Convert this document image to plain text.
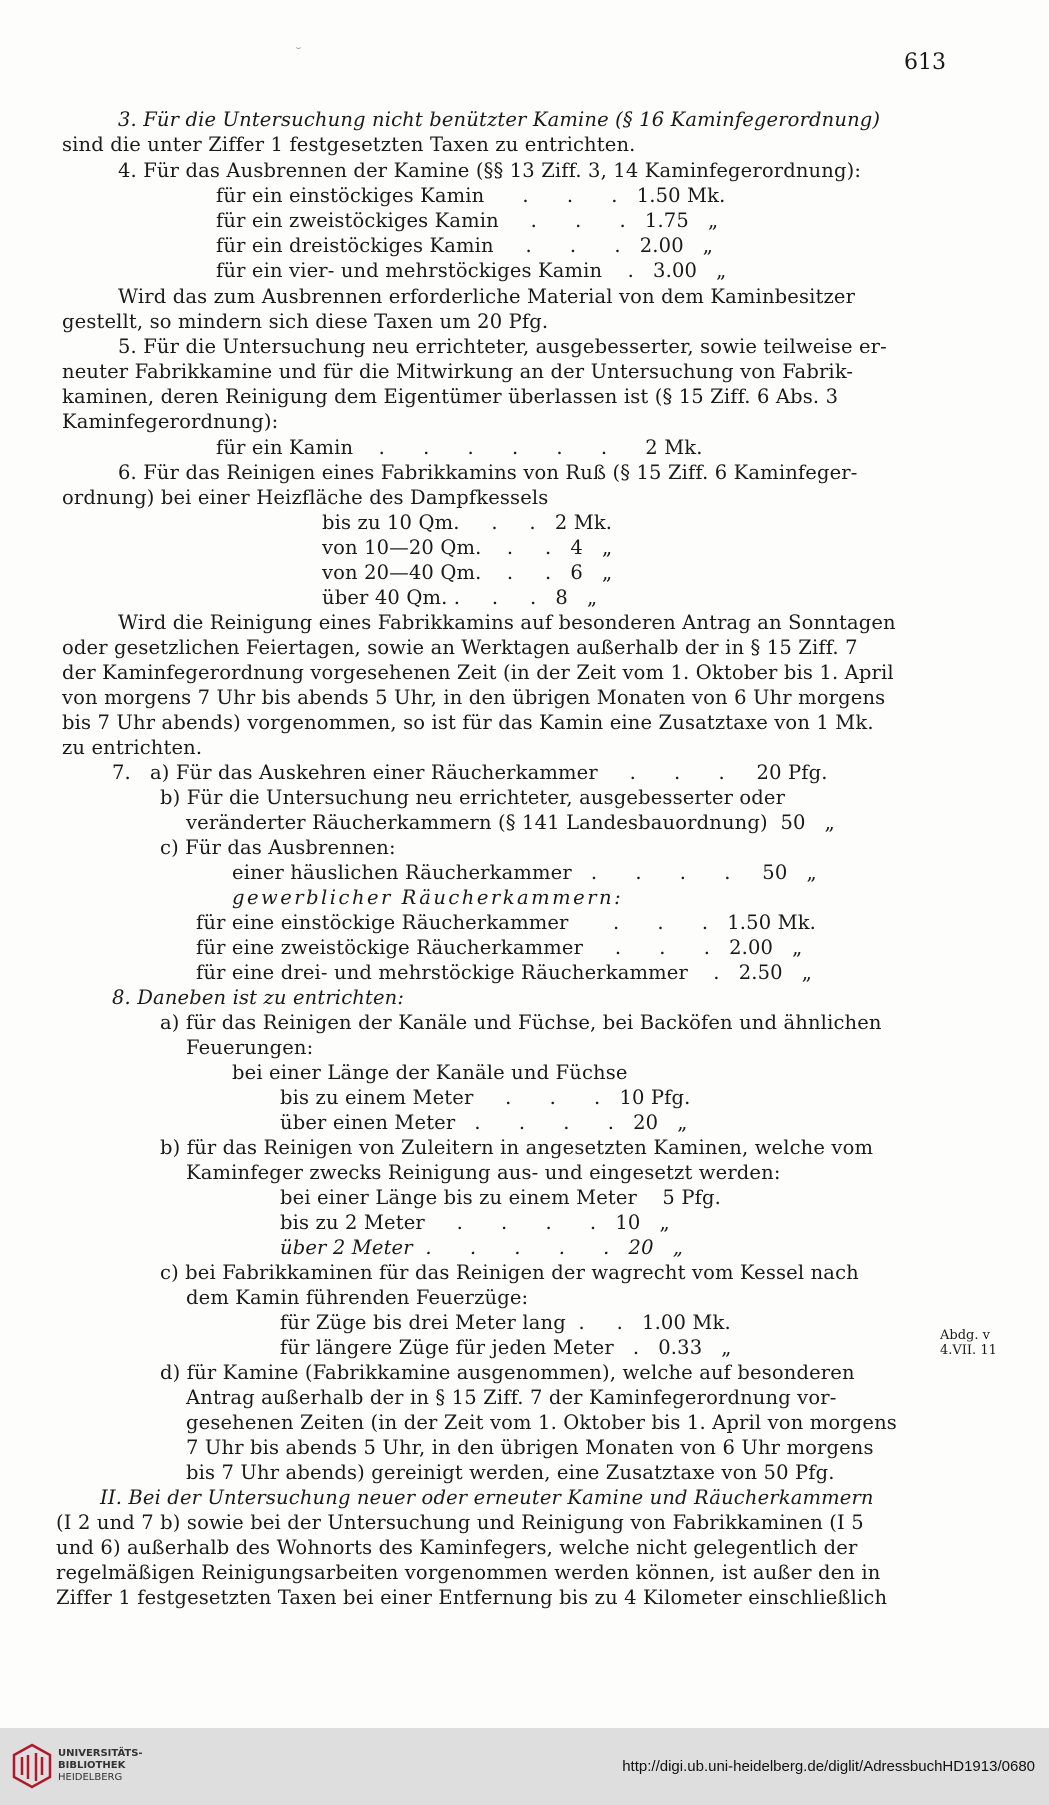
˘	613
3. Für die Untersuchung nicht benützter Kamine (§ 16 Kaminfegerordnung)
sind die unter Ziffer 1 festgesetzten Taxen zu entrichten.
4. Für das Ausbrennen der Kamine (§§ 13 Ziff. 3, 14 Kaminfegerordnung):
für ein einstöckiges Kamin      .      .      .   1.50 Mk.
für ein zweistöckiges Kamin     .      .      .   1.75   „
für ein dreistöckiges Kamin     .      .      .   2.00   „
für ein vier- und mehrstöckiges Kamin    .   3.00   „
Wird das zum Ausbrennen erforderliche Material von dem Kaminbesitzer
gestellt, so mindern sich diese Taxen um 20 Pfg.
5. Für die Untersuchung neu errichteter, ausgebesserter, sowie teilweise er-
neuter Fabrikkamine und für die Mitwirkung an der Untersuchung von Fabrik-
kaminen, deren Reinigung dem Eigentümer überlassen ist (§ 15 Ziff. 6 Abs. 3
Kaminfegerordnung):
für ein Kamin    .      .      .      .      .      .      2 Mk.
6. Für das Reinigen eines Fabrikkamins von Ruß (§ 15 Ziff. 6 Kaminfeger-
ordnung) bei einer Heizfläche des Dampfkessels
bis zu 10 Qm.     .     .   2 Mk.
von 10—20 Qm.    .     .   4   „
von 20—40 Qm.    .     .   6   „
über 40 Qm. .     .     .   8   „
Wird die Reinigung eines Fabrikkamins auf besonderen Antrag an Sonntagen
oder gesetzlichen Feiertagen, sowie an Werktagen außerhalb der in § 15 Ziff. 7
der Kaminfegerordnung vorgesehenen Zeit (in der Zeit vom 1. Oktober bis 1. April
von morgens 7 Uhr bis abends 5 Uhr, in den übrigen Monaten von 6 Uhr morgens
bis 7 Uhr abends) vorgenommen, so ist für das Kamin eine Zusatztaxe von 1 Mk.
zu entrichten.
7.   a) Für das Auskehren einer Räucherkammer     .      .      .     20 Pfg.
b) Für die Untersuchung neu errichteter, ausgebesserter oder
veränderter Räucherkammern (§ 141 Landesbauordnung)  50   „
c) Für das Ausbrennen:
einer häuslichen Räucherkammer   .      .      .      .     50   „
gewerblicher Räucherkammern:
für eine einstöckige Räucherkammer       .      .      .   1.50 Mk.
für eine zweistöckige Räucherkammer     .      .      .   2.00   „
für eine drei- und mehrstöckige Räucherkammer    .   2.50   „
8. Daneben ist zu entrichten:
a) für das Reinigen der Kanäle und Füchse, bei Backöfen und ähnlichen
Feuerungen:
bei einer Länge der Kanäle und Füchse
bis zu einem Meter     .      .      .   10 Pfg.
über einen Meter   .      .      .      .   20   „
b) für das Reinigen von Zuleitern in angesetzten Kaminen, welche vom
Kaminfeger zwecks Reinigung aus- und eingesetzt werden:
bei einer Länge bis zu einem Meter    5 Pfg.
bis zu 2 Meter     .      .      .      .   10   „
über 2 Meter  .      .      .      .      .   20   „
c) bei Fabrikkaminen für das Reinigen der wagrecht vom Kessel nach
dem Kamin führenden Feuerzüge:
für Züge bis drei Meter lang  .     .   1.00 Mk.
für längere Züge für jeden Meter   .   0.33   „
d) für Kamine (Fabrikkamine ausgenommen), welche auf besonderen
Antrag außerhalb der in § 15 Ziff. 7 der Kaminfegerordnung vor-
gesehenen Zeiten (in der Zeit vom 1. Oktober bis 1. April von morgens
7 Uhr bis abends 5 Uhr, in den übrigen Monaten von 6 Uhr morgens
bis 7 Uhr abends) gereinigt werden, eine Zusatztaxe von 50 Pfg.
II. Bei der Untersuchung neuer oder erneuter Kamine und Räucherkammern
(I 2 und 7 b) sowie bei der Untersuchung und Reinigung von Fabrikkaminen (I 5
und 6) außerhalb des Wohnorts des Kaminfegers, welche nicht gelegentlich der
regelmäßigen Reinigungsarbeiten vorgenommen werden können, ist außer den in
Ziffer 1 festgesetzten Taxen bei einer Entfernung bis zu 4 Kilometer einschließlich
Abdg. v
4.VII. 11
UNIVERSITÄTS-
BIBLIOTHEK
HEIDELBERG
http://digi.ub.uni-heidelberg.de/diglit/AdressbuchHD1913/0680
